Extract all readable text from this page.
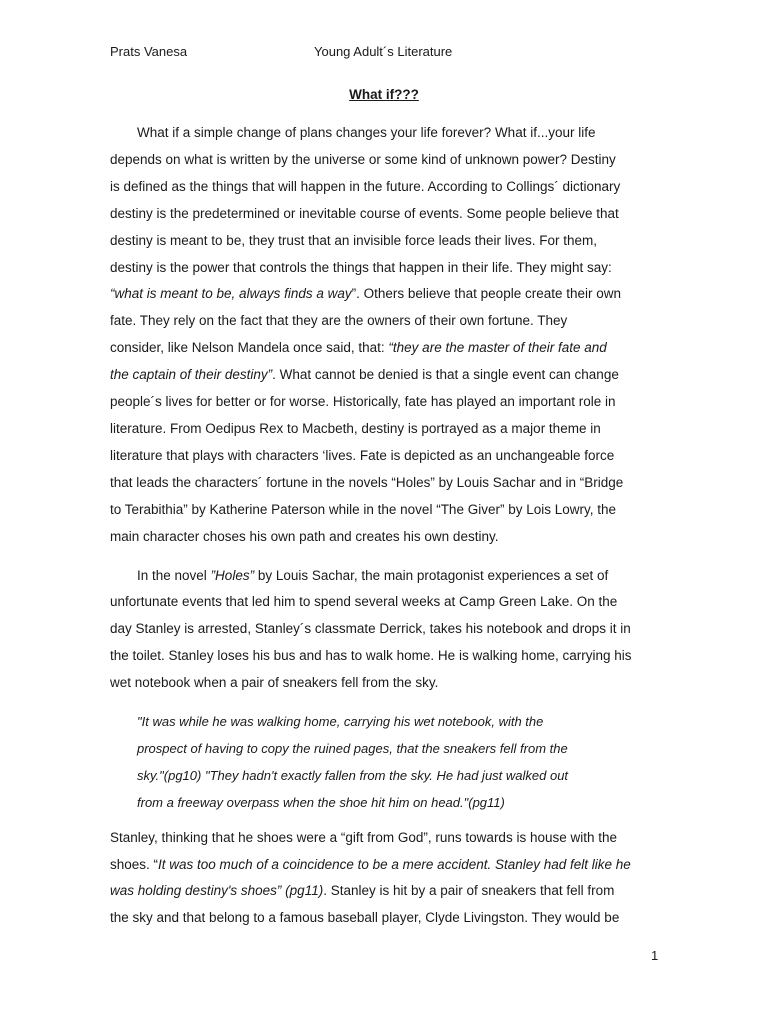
Prats Vanesa	Young Adult´s Literature
What if???

What if a simple change of plans changes your life forever? What if...your life
depends on what is written by the universe or some kind of unknown power? Destiny
is defined as the things that will happen in the future. According to Collings´ dictionary
destiny is the predetermined or inevitable course of events. Some people believe that
destiny is meant to be, they trust that an invisible force leads their lives. For them,
destiny is the power that controls the things that happen in their life. They might say:
“what is meant to be, always finds a way”. Others believe that people create their own
fate. They rely on the fact that they are the owners of their own fortune. They
consider, like Nelson Mandela once said, that: “they are the master of their fate and
the captain of their destiny”. What cannot be denied is that a single event can change
people´s lives for better or for worse. Historically, fate has played an important role in
literature. From Oedipus Rex to Macbeth, destiny is portrayed as a major theme in
literature that plays with characters ‘lives. Fate is depicted as an unchangeable force
that leads the characters´ fortune in the novels “Holes” by Louis Sachar and in “Bridge
to Terabithia” by Katherine Paterson while in the novel “The Giver” by Lois Lowry, the
main character choses his own path and creates his own destiny.

In the novel ”Holes” by Louis Sachar, the main protagonist experiences a set of
unfortunate events that led him to spend several weeks at Camp Green Lake. On the
day Stanley is arrested, Stanley´s classmate Derrick, takes his notebook and drops it in
the toilet. Stanley loses his bus and has to walk home. He is walking home, carrying his
wet notebook when a pair of sneakers fell from the sky.

"It was while he was walking home, carrying his wet notebook, with the
prospect of having to copy the ruined pages, that the sneakers fell from the
sky."(pg10) "They hadn't exactly fallen from the sky. He had just walked out
from a freeway overpass when the shoe hit him on head."(pg11)

Stanley, thinking that he shoes were a “gift from God”, runs towards is house with the
shoes. “It was too much of a coincidence to be a mere accident. Stanley had felt like he
was holding destiny's shoes” (pg11). Stanley is hit by a pair of sneakers that fell from
the sky and that belong to a famous baseball player, Clyde Livingston. They would be

1
